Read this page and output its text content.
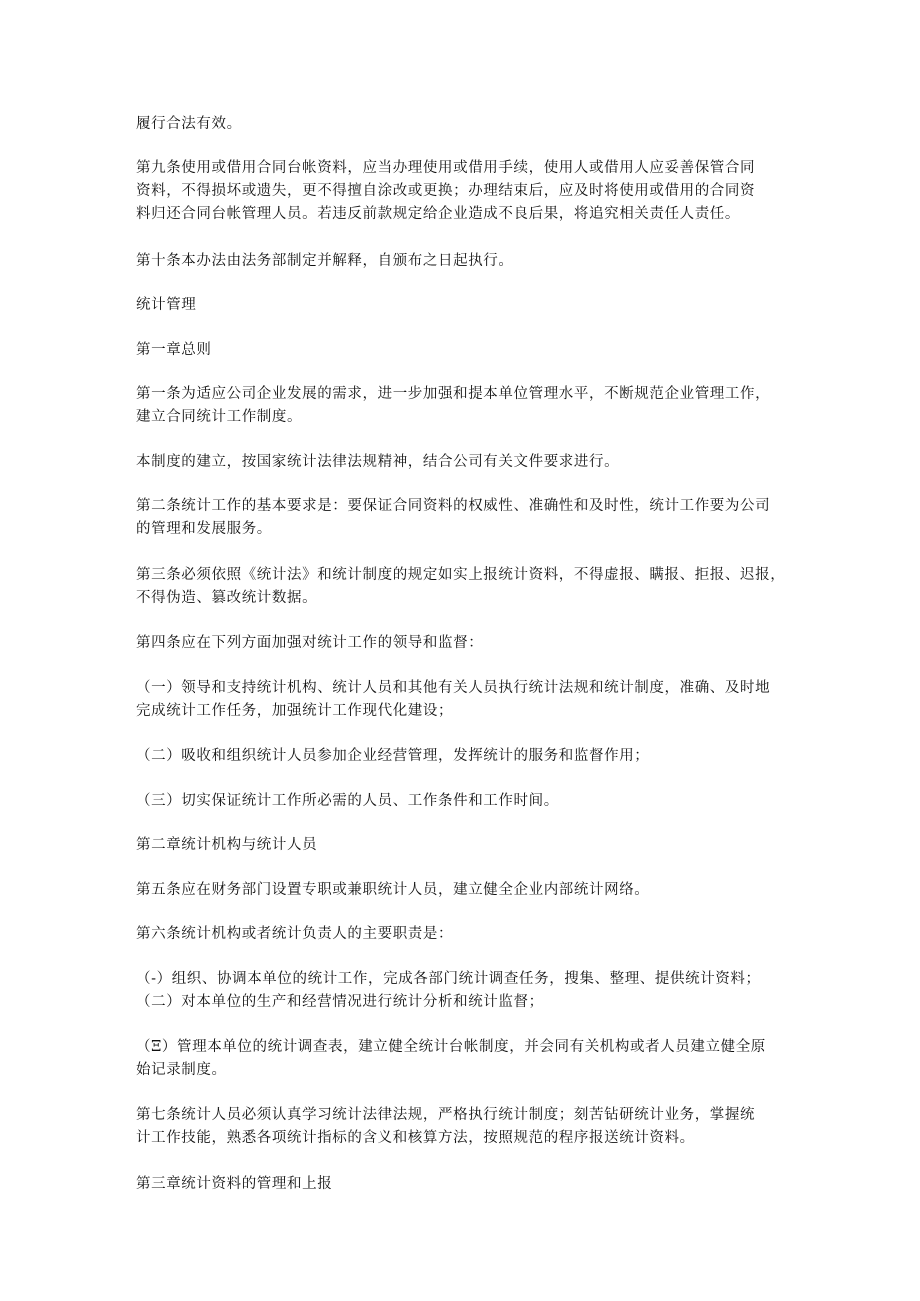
履行合法有效。

第九条使用或借用合同台帐资料，应当办理使用或借用手续，使用人或借用人应妥善保管合同
资料，不得损坏或遗失，更不得擅自涂改或更换；办理结束后，应及时将使用或借用的合同资
料归还合同台帐管理人员。若违反前款规定给企业造成不良后果，将追究相关责任人责任。

第十条本办法由法务部制定并解释，自颁布之日起执行。

统计管理

第一章总则

第一条为适应公司企业发展的需求，进一步加强和提本单位管理水平，不断规范企业管理工作，
建立合同统计工作制度。

本制度的建立，按国家统计法律法规精神，结合公司有关文件要求进行。

第二条统计工作的基本要求是：要保证合同资料的权威性、准确性和及时性，统计工作要为公司
的管理和发展服务。

第三条必须依照《统计法》和统计制度的规定如实上报统计资料，不得虚报、瞒报、拒报、迟报，
不得伪造、篡改统计数据。

第四条应在下列方面加强对统计工作的领导和监督：

（一）领导和支持统计机构、统计人员和其他有关人员执行统计法规和统计制度，准确、及时地
完成统计工作任务，加强统计工作现代化建设；

（二）吸收和组织统计人员参加企业经营管理，发挥统计的服务和监督作用；

（三）切实保证统计工作所必需的人员、工作条件和工作时间。

第二章统计机构与统计人员

第五条应在财务部门设置专职或兼职统计人员，建立健全企业内部统计网络。

第六条统计机构或者统计负责人的主要职责是：

（-）组织、协调本单位的统计工作，完成各部门统计调查任务，搜集、整理、提供统计资料；
（二）对本单位的生产和经营情况进行统计分析和统计监督；

（Ξ）管理本单位的统计调查表，建立健全统计台帐制度，并会同有关机构或者人员建立健全原
始记录制度。

第七条统计人员必须认真学习统计法律法规，严格执行统计制度；刻苦钻研统计业务，掌握统
计工作技能，熟悉各项统计指标的含义和核算方法，按照规范的程序报送统计资料。

第三章统计资料的管理和上报
